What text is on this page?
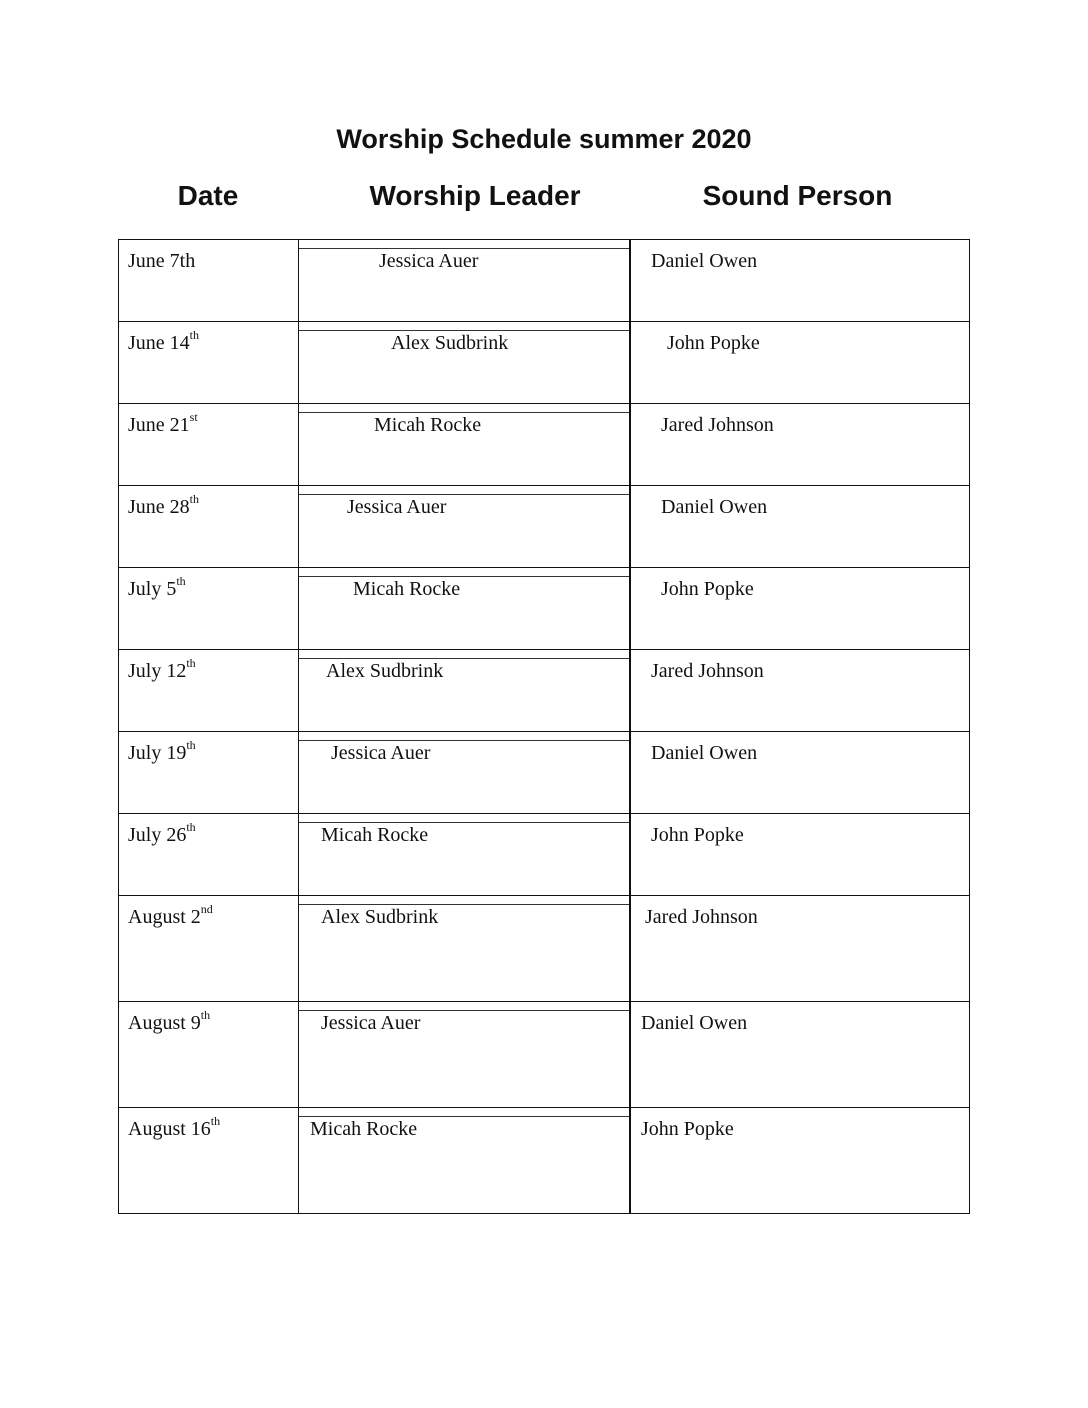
Worship Schedule summer 2020
Date	Worship Leader	Sound Person
June 7th	Jessica Auer	Daniel Owen
June 14th	Alex Sudbrink	John Popke
June 21st	Micah Rocke	Jared Johnson
June 28th	Jessica Auer	Daniel Owen
July 5th	Micah Rocke	John Popke
July 12th	Alex Sudbrink	Jared Johnson
July 19th	Jessica Auer	Daniel Owen
July 26th	Micah Rocke	John Popke
August 2nd	Alex Sudbrink	Jared Johnson
August 9th	Jessica Auer	Daniel Owen
August 16th	Micah Rocke	John Popke
